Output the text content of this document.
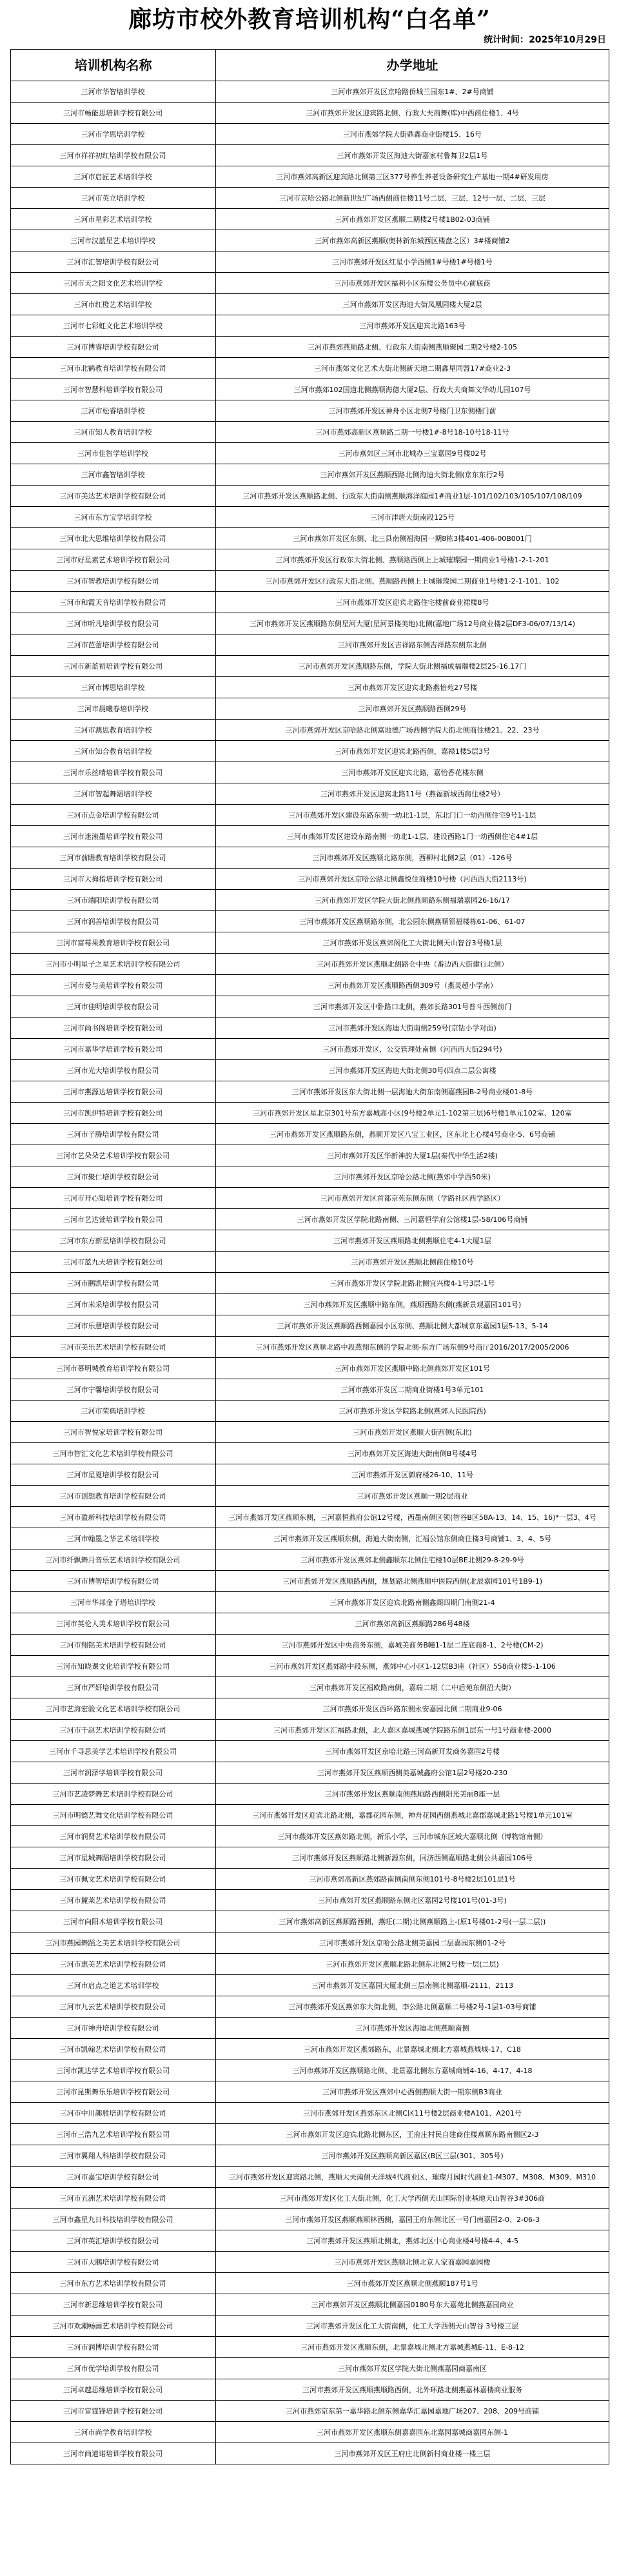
廊坊市校外教育培训机构“白名单”
统计时间：2025年10月29日
培训机构名称	办学地址
三河市华智培训学校	三河市燕郊开发区京哈路侨城兰园东1#、2#号商铺
三河市畅能思培训学校有限公司	三河市燕郊开发区迎宾路北侧、行政大夫商舞(库)中西商住楼1、4号
三河市学思培训学校	三河市燕郊学院大街鼎鑫商业街楼15、16号
三河市祥祥初红培训学校有限公司	三河市燕郊开发区海迪大街嘉家村鲁舞卫2层1号
三河市启匠艺术培训学校	三河市燕郊高新区迎宾路北侧第三区377号养生养老设备研究生产基地一期4#研发用房
三河市英立培训学校	三河市京哈公路北侧新世纪广场西侧商住楼11号二层、三层、12号一层、二层、三层
三河市星彩艺术培训学校	三河市燕郊开发区燕顺二期楼2号楼1B02-03商铺
三河市汉蓝星艺术培训学校	三河市燕郊高新区燕顺(奥林新东城西区楼盘之区）3#楼商铺2
三河市汇智培训学校有限公司	三河市燕郊开发区红星小学西侧1#号楼1#号楼1号
三河市天之阳文化艺术培训学校	三河市燕郊开发区福利小区东楼公务员中心前底商
三河市红橙艺术培训学校	三河市燕郊开发区海迪大街凤凰园楼大厦2层
三河市七彩虹文化艺术培训学校	三河市燕郊开发区迎宾北路163号
三河市博睿培训学校有限公司	三河市燕郊燕顺路北侧、行政东大街南侧燕顺聚园二期2号楼2-105
三河市北鹤教育培训学校有限公司	三河市燕郊文化艺术大街北侧新天地二期鑫星同盟17#商业2-3
三河市智慧科培训学校有限公司	三河市燕郊102国道北侧燕顺海德大厦2层、行政大夫商舞文华幼儿园107号
三河市松睿培训学校	三河市燕郊开发区神舟小区北侧7号楼门卫东侧楼门前
三河市知人教育培训学校	三河市燕郊高新区燕顺路二期一号楼1#-8号18-10号18-11号
三河市佳智学培训学校	三河市燕郊区三河市北城办三宝嘉园9号楼02号
三河市鑫智培训学校	三河市燕郊开发区燕顺西路北侧海迪大街北侧(京东东行2号
三河市美达艺术培训学校有限公司	三河市燕郊开发区燕顺路北侧、行政东大街南侧燕顺海洋庭园1#商业1层-101/102/103/105/107/108/109
三河市东方宝学培训学校	三河市津唐大街南段125号
三河市北大思维培训学校有限公司	三河市燕郊开发区东侧、北三县南侧福海园一期8栋3楼401-406-00B001门
三河市好星素艺术培训学校有限公司	三河市燕郊开发区行政东大街北侧、燕顺路西侧上上城璀璨园一期商业1号楼1-2-1-201
三河市智教培训学校有限公司	三河市燕郊开发区行政东大街北侧、燕顺路西侧上上城璀璨园二期商业1号楼1-2-1-101、102
三河市和霞天音培训学校有限公司	三河市燕郊开发区迎宾北路住宅楼前商业裙楼8号
三河市听凡培训学校有限公司	三河市燕郊开发区燕顺路东侧星河大厦(星河景楼美地)北侧(嘉地广场12号商业楼2层DF3-06/07/13/14)
三河市芭蕾培训学校有限公司	三河市燕郊开发区吉祥路东侧吉祥路东侧东北侧
三河市新蓝初培训学校有限公司	三河市燕郊开发区燕顺路东侧，学院大街北侧福成福瑞楼2层25-16.17门
三河市博思培训学校	三河市燕郊开发区迎宾北路燕怡苑27号楼
三河市晨曦春培训学校	三河市燕郊开发区燕顺路西侧29号
三河市澳思教育培训学校	三河市燕郊开发区京哈路北侧富地德广场西侧学院大街北侧商住楼21、22、23号
三河市知合教育培训学校	三河市燕郊开发区迎宾北路西侧，嘉禄1楼5层3号
三河市乐丝晴培训学校有限公司	三河市燕郊开发区迎宾北路，嘉怡香花楼东侧
三河市智起舞蹈培训学校	三河市燕郊开发区迎宾北路11号（燕福新城西商住楼2号）
三河市点金培训学校有限公司	三河市燕郊开发区建设东路东侧一幼北1-1层，东北门口一幼西侧住宅9号1-1层
三河市迷滚墨培训学校有限公司	三河市燕郊开发区建设东路南侧一幼北1-1层、建设西路1门一幼西侧住宅4#1层
三河市前瞻教育培训学校有限公司	三河市燕郊开发区燕顺北路东侧，西柳村北侧2层（01）-126号
三河市大拇指培训学校有限公司	三河市燕郊开发区京哈公路北侧鑫悦住商楼10号楼（河西西大街2113号)
三河市端阳培训学校有限公司	三河市燕郊开发区学院大街北侧燕顺路东侧福瑞嘉园26-16/17
三河市润善培训学校有限公司	三河市燕郊开发区燕顺路东侧，北公园东侧燕顺领福楼栋61-06、61-07
三河市富莓果教育培训学校有限公司	三河市燕郊开发区燕郊阁化工大街北侧天山智谷3号楼1层
三河市小明星子之星艺术培训学校有限公司	三河市燕郊开发区燕顺北侧路仑中央（番边西大街建行北侧）
三河市爱与美培训学校有限公司	三河市燕郊开发区燕顺路西侧309号（燕灵超小学南）
三河市佳明培训学校有限公司	三河市燕郊开发区中卧路口北侧，燕郊长路301号普斗西侧前门
三河市尚书阁培训学校有限公司	三河市燕郊开发区海迪大街南侧259号(京钻小学对面)
三河市嘉华学培训学校有限公司	三河市燕郊开发区，公交管理处南侧（河西西大街294号)
三河市光大培训学校有限公司	三河市燕郊开发区海迪大街北侧30号(四点二层公寓楼
三河市燕源达培训学校有限公司	三河市燕郊开发区东大街北侧一层海迪大街东南侧嘉燕园B-2号商业楼01-8号
三河市凯伊特培训学校有限公司	三河市燕郊开发区星北京301号东方嘉城高小区(9号楼2单元1-102第三层)6号楼1单元102室、120室
三河市子腾培训学校有限公司	三河市燕郊开发区燕顺路东侧，燕顺开发区八宝工业区，区东北上心楼4号商业-5、6号商铺
三河市艺朵朵艺术培训学校有限公司	三河市燕郊开发区华新神韵大厦1层(秦代中华生活2楼)
三河市聚仁培训学校有限公司	三河市燕郊开发区京哈公路北侧(燕郊中学西50米)
三河市开心知培训学校有限公司	三河市燕郊开发区首都京苑东侧东侧（学路社区西学路区）
三河市艺达萱培训学校有限公司	三河市燕郊开发区学院北路南侧、三河嘉恒学府公馆楼1层-58/106号商铺
三河市东方新星培训学校有限公司	三河市燕郊开发区燕顺路北侧燕顺住宅4-1大厦1层
三河市蓝九天培训学校有限公司	三河市燕郊开发区燕顺北侧商住楼10号
三河市鹏凯培训学校有限公司	三河市燕郊开发区学院北路北侧宜兴楼4-1号3层-1号
三河市米采培训学校有限公司	三河市燕郊开发区燕顺中路东侧，燕顺西路东侧(燕新景观嘉园101号)
三河市乐慧培训学校有限公司	三河市燕郊开发区燕顺路西侧嘉园小区东侧、燕顺北侧大都城京东嘉园1层5-13、5-14
三河市美乐艺术培训学校有限公司	三河市燕郊开发区燕顺北路中段燕翔东侧的学院北侧-东方广场东侧9号商厅2016/2017/2005/2006
三河市慕明城教育培训学校有限公司	三河市燕郊开发区燕顺中路北侧燕郊开发区101号
三河市宁馨培训学校有限公司	三河市燕郊开发区二期商业街楼1号3单元101
三河市荣典培训学校	三河市燕郊开发区学院路北侧(燕郊人民医院西)
三河市智悦家培训学校有限公司	三河市燕郊开发区燕顺大街西侧(东北)
三河市智汇文化艺术培训学校有限公司	三河市燕郊开发区海迪大街南侧B号楼4号
三河市星夏培训学校有限公司	三河市燕郊开发区御府楼26-10、11号
三河市创想教育培训学校有限公司	三河市燕郊开发区燕顺一期2层商业
三河市盈新科技培训学校有限公司	三河市燕郊开发区燕顺东侧，三河嘉恒燕府公馆12号楼，西墨南侧区领(智谷B区58A-13、14、15、16)*一层3、4号
三河市翰墨之华艺术培训学校	三河市燕郊开发区燕顺东侧，海迪大街南侧，汇福公馆东侧商住楼3号商铺1、3、4、5号
三河市纤飘舞月音乐艺术培训学校有限公司	三河市燕郊开发区燕郊北侧鑫顺东北侧住宅楼10层BE北侧29-8-29-9号
三河市博智培训学校有限公司	三河市燕郊开发区燕顺路西侧，规划路北侧燕顺中医院西侧(北辰嘉园101号1B9-1)
三河市华邦金子塔培训学校	三河市燕郊开发区迎宾北路南侧鑫阁四期门南侧21-4
三河市英伦人美术培训学校有限公司	三河市燕郊高新区燕顺路286号48楼
三河市翔铭美术培训学校有限公司	三河市燕郊开发区中央商务东侧，嘉城美商务B幢1-1层二连底商8-1、2号楼(CM-2)
三河市知晓课文化培训学校有限公司	三河市燕郊开发区燕郊路中段东侧，燕郊中心小区1-12层B3座（社区）558商业楼5-1-106
三河市严妍培训学校有限公司	三河市燕郊开发区福欧路南侧，嘉瑞二期（二中后苑东侧沿大街）
三河市艺海宏骏文化艺术培训学校有限公司	三河市燕郊开发区西环路东侧永安嘉园北侧二期商业9-06
三河市千赵艺术培训学校有限公司	三河市燕郊开发区汇福路北侧，北大嘉区嘉城燕城学院路东侧1层东一号1号商业楼-2000
三河市千寻思美学艺术培训学校有限公司	三河市燕郊开发区京哈北路三河高新开发商务嘉园2号楼
三河市润泽学培训学校有限公司	三河市燕郊开发区燕顺西侧美嘉城鑫府公馆1层2号楼20-230
三河市艺凌梦舞艺术培训学校有限公司	三河市燕郊开发区燕顺南侧燕顺路西侧阳光美丽B座一层
三河市明德艺舞文化培训学校有限公司	三河市燕郊开发区迎宾北路北侧，嘉郡花园东侧，神舟花园西侧燕城北嘉郡嘉城北路1号楼1单元101室
三河市润贤艺术培训学校有限公司	三河市燕郊开发区燕郊路北侧，新乐小学，三河市城东区域大嘉顺北侧（博物馆南侧）
三河市星城舞蹈培训学校有限公司	三河市燕郊开发区燕顺路北侧新源东侧，同济西侧嘉顺路北侧公共嘉园106号
三河市佩文艺术培训学校有限公司	三河市燕郊高新区燕郊路南侧南侧东侧101号-8号楼2层101层1号
三河市麓莱艺术培训学校有限公司	三河市燕郊开发区燕顺路东侧北区嘉园2号楼101号(01-3号)
三河市向阳木培训学校有限公司	三河市燕郊高新区燕顺路西侧，燕旺(二期)北侧燕顺路上-(原1号楼01-2号(一层二层))
三河市燕园舞蹈之美艺术培训学校有限公司	三河市燕郊开发区京哈公路北侧美嘉园二层嘉园东侧01-2号
三河市惠美艺术培训学校有限公司	三河市燕郊开发区燕顺北路北侧东北侧2号楼一层(二层)
三河市启点之道艺术培训学校	三河市燕郊开发区嘉园大厦北侧三层南侧北侧嘉顺-2111、2113
三河市九云艺术培训学校有限公司	三河市燕郊开发区燕郊东大街北侧，李公路北侧嘉顺二号楼2号-1层1-03号商铺
三河市神舟培训学校有限公司	三河市燕郊开发区海迪北侧燕顺南侧
三河市凯翰艺术培训学校有限公司	三河市燕郊开发区燕郊路东，北景嘉城北侧北方嘉城燕城城-17、C18
三河市凯达学艺术培训学校有限公司	三河市燕郊开发区燕顺路北侧、北景嘉北侧东方嘉城商铺4-16、4-17、4-18
三河市昆斯舞乐乐培训学校有限公司	三河市燕郊开发区燕郊中心西侧燕顺大街一期东侧B3商业
三河市中川趣胜培训学校有限公司	三河市燕郊开发区燕郊东区北侧C区11号楼2层商业楼A101、A201号
三河市三浩九艺术培训学校有限公司	三河市燕郊开发区迎宾北路北侧东区，王府庄村民自建商住楼燕顺东路南侧区2-3
三河市翼翔人科培训学校有限公司	三河市燕郊开发区燕顺高新区嘉区(B区三层(301、305号)
三河市嘉宝培训学校有限公司	三河市燕郊开发区迎宾路北侧，燕顺大夫南侧天洋城4代商业区、璀璨月园时代商业1-M307、M308、M309、M310
三河市五洲艺术培训学校有限公司	三河市燕郊开发区化工大街北侧，化工大学西侧天山国际创业基地天山智谷3#306商
三河市鑫星九日科技培训学校有限公司	三河市燕郊开发区燕顺燕顺林西侧，嘉园王府东侧北区一号门南嘉园2-0、2-06-3
三河市英汇培训学校有限公司	三河市燕郊开发区燕顺北侧北，燕郊北区中心商业楼4号楼4-4、4-5
三河市大鹏培训学校有限公司	三河市燕郊开发区燕顺北侧北京人家商嘉园嘉园楼
三河市东方艺术培训学校有限公司	三河市燕郊开发区燕顺北侧燕顺187号1号
三河市新思维培训学校有限公司	三河市燕郊开发区燕顺北侧嘉园0180号东大嘉苑北侧燕嘉园商业
三河市欢潮畅画艺术培训学校有限公司	三河市燕郊开发区化工大街南侧，化工大学西侧天山智谷 3号楼三层
三河市润博培训学校有限公司	三河市燕郊开发区燕顺东侧，北景嘉城北侧北方嘉城燕城E-11、E-8-12
三河市优学培训学校有限公司	三河市燕郊开发区学院大街北侧燕嘉园商嘉南区
三河卓越思维培训学校有限公司	三河市燕郊开发区燕顺燕顺路西侧，北外环路北侧燕嘉林嘉楼商业服务
三河市雷霆锋培训学校有限公司	三河市燕郊京东第一嘉华路北侧东侧嘉华汇嘉园嘉地广场207、208、209号商铺
三河市尚学教育培训学校	三河市燕郊开发区燕顺东侧嘉嘉园东北嘉园嘉城商嘉园东侧-1
三河市尚道诺培训学校有限公司	三河市燕郊开发区王府庄北侧新村商业楼一楼三层
